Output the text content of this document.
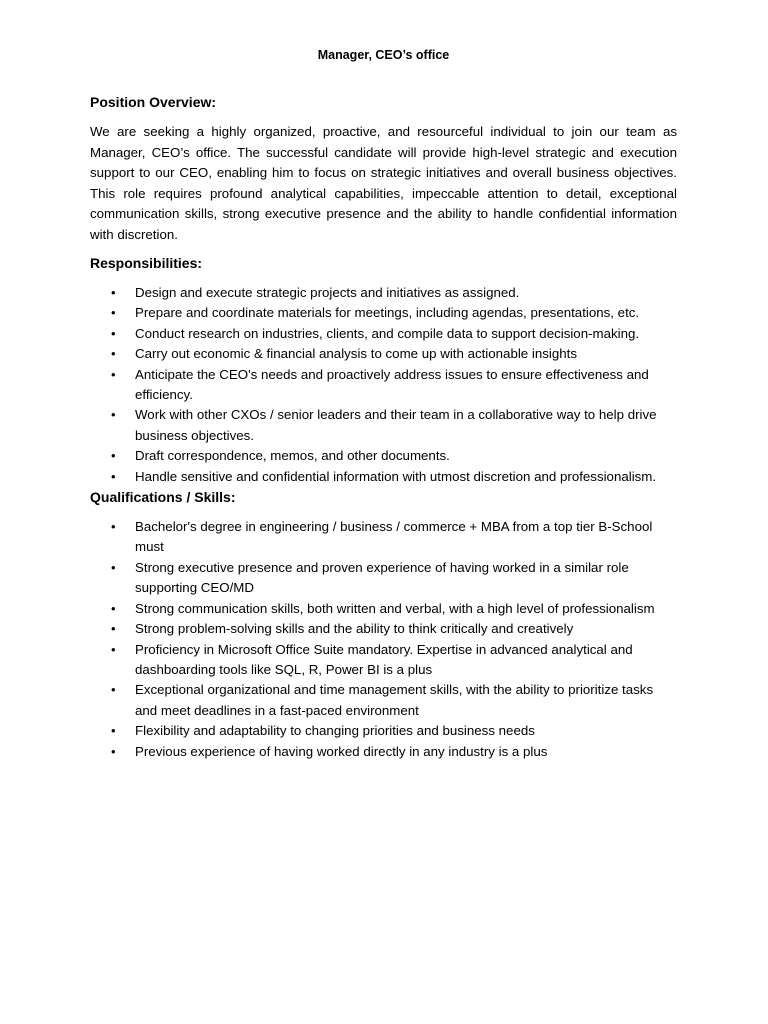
Manager, CEO’s office
Position Overview:

We are seeking a highly organized, proactive, and resourceful individual to join our team as Manager, CEO’s office. The successful candidate will provide high-level strategic and execution support to our CEO, enabling him to focus on strategic initiatives and overall business objectives. This role requires profound analytical capabilities, impeccable attention to detail, exceptional communication skills, strong executive presence and the ability to handle confidential information with discretion.

Responsibilities:
• Design and execute strategic projects and initiatives as assigned.
• Prepare and coordinate materials for meetings, including agendas, presentations, etc.
• Conduct research on industries, clients, and compile data to support decision-making.
• Carry out economic & financial analysis to come up with actionable insights
• Anticipate the CEO's needs and proactively address issues to ensure effectiveness and efficiency.
• Work with other CXOs / senior leaders and their team in a collaborative way to help drive business objectives.
• Draft correspondence, memos, and other documents.
• Handle sensitive and confidential information with utmost discretion and professionalism.
Qualifications / Skills:
• Bachelor's degree in engineering / business / commerce + MBA from a top tier B-School must
• Strong executive presence and proven experience of having worked in a similar role supporting CEO/MD
• Strong communication skills, both written and verbal, with a high level of professionalism
• Strong problem-solving skills and the ability to think critically and creatively
• Proficiency in Microsoft Office Suite mandatory. Expertise in advanced analytical and dashboarding tools like SQL, R, Power BI is a plus
• Exceptional organizational and time management skills, with the ability to prioritize tasks and meet deadlines in a fast-paced environment
• Flexibility and adaptability to changing priorities and business needs
• Previous experience of having worked directly in any industry is a plus
